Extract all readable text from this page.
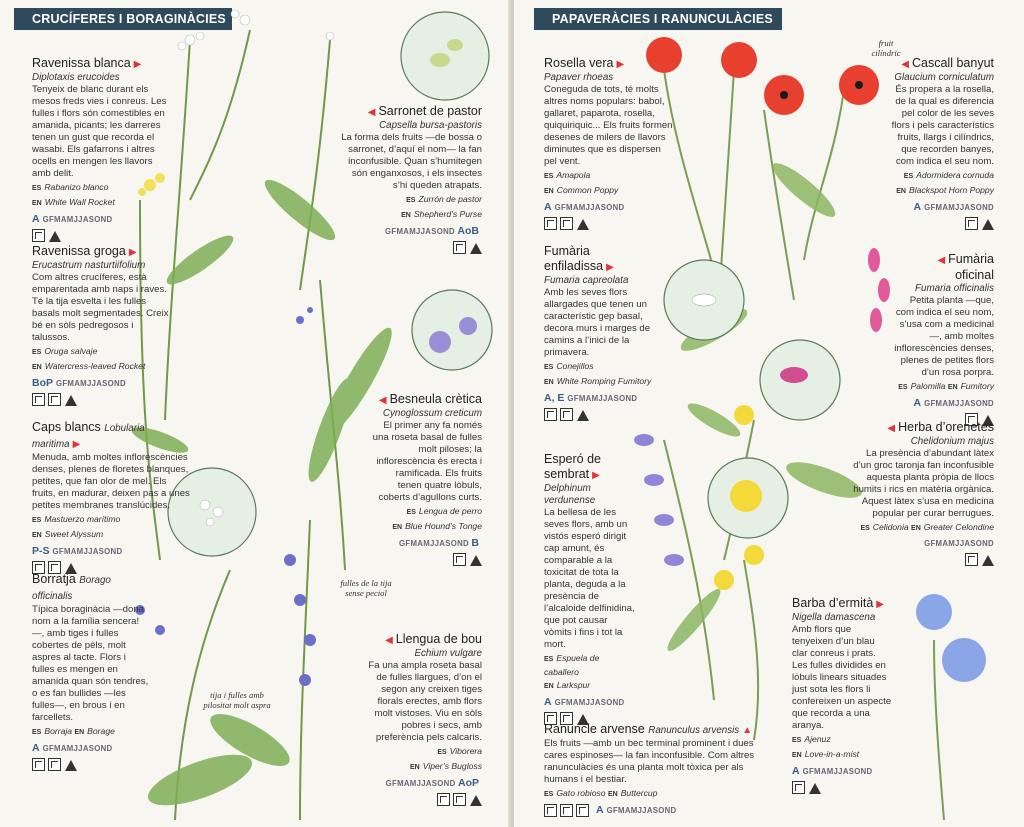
CRUCÍFERES I BORAGINÀCIES
fulles de la tija sense peciol
tija i fulles amb pilositat molt aspra
Ravenissa blanca ▶
Diplotaxis erucoides
Tenyeix de blanc durant els mesos freds vies i conreus. Les fulles i flors són comestibles en amanida, picants; les darreres tenen un gust que recorda el wasabi. Els gafarrons i altres ocells en mengen les llavors amb delit.
ES Rabanizo blanco
EN White Wall Rocket
A GFMAMJJASOND
◀ Sarronet de pastor
Capsella bursa-pastoris
La forma dels fruits —de bossa o sarronet, d’aquí el nom— la fan inconfusible. Quan s’humitegen són enganxosos, i els insectes s’hi queden atrapats.
ES Zurrón de pastor
EN Shepherd’s Purse
GFMAMJJASOND AoB
Ravenissa groga ▶
Erucastrum nasturtiifolium
Com altres crucíferes, està emparentada amb naps i raves. Té la tija esvelta i les fulles basals molt segmentades. Creix bé en sòls pedregosos i talussos.
ES Oruga salvaje
EN Watercress-leaved Rocket
BoP GFMAMJJASOND
◀ Besneula crètica
Cynoglossum creticum
El primer any fa només una roseta basal de fulles molt piloses; la inflorescència és erecta i ramificada. Els fruits tenen quatre lòbuls, coberts d’agullons curts.
ES Lengua de perro
EN Blue Hound’s Tonge
GFMAMJJASOND B
Caps blancs Lobularia maritima ▶
Menuda, amb moltes inflorescències denses, plenes de floretes blanques, petites, que fan olor de mel. Els fruits, en madurar, deixen pas a unes petites membranes translúcides.
ES Mastuerzo marítimo
EN Sweet Alyssum
P-S GFMAMJJASOND
Borratja Borago officinalis
Típica boraginàcia —dona nom a la família sencera!—, amb tiges i fulles cobertes de pèls, molt aspres al tacte. Flors i fulles es mengen en amanida quan són tendres, o es fan bullides —les fulles—, en brous i en farcellets.
ES Borraja EN Borage
A GFMAMJJASOND
◀ Llengua de bou
Echium vulgare
Fa una ampla roseta basal de fulles llargues, d’on el segon any creixen tiges florals erectes, amb flors molt vistoses. Viu en sòls pobres i secs, amb preferència pels calcaris.
ES Viborera
EN Viper’s Bugloss
GFMAMJJASOND AoP
PAPAVERÀCIES I RANUNCULÀCIES
fruit cilíndric
Rosella vera ▶
Papaver rhoeas
Coneguda de tots, té molts altres noms populars: babol, gallaret, paparota, rosella, quiquiriquic... Els fruits formen desenes de milers de llavors diminutes que es dispersen pel vent.
ES Amapola
EN Common Poppy
A GFMAMJJASOND
◀ Cascall banyut
Glaucium corniculatum
És propera a la rosella, de la qual es diferencia pel color de les seves flors i pels característics fruits, llargs i cilíndrics, que recorden banyes, com indica el seu nom.
ES Adormidera cornuda
EN Blackspot Horn Poppy
A GFMAMJJASOND
Fumària enfiladissa ▶
Fumaria capreolata
Amb les seves flors allargades que tenen un característic gep basal, decora murs i marges de camins a l’inici de la primavera.
ES Conejillos
EN White Romping Fumitory
A, E GFMAMJJASOND
◀ Fumària oficinal
Fumaria officinalis
Petita planta —que, com indica el seu nom, s’usa com a medicinal—, amb moltes inflorescències denses, plenes de petites flors d’un rosa porpra.
ES Palomilla EN Fumitory
A GFMAMJJASOND
◀ Herba d’orenetes
Chelidonium majus
La presència d’abundant làtex d’un groc taronja fan inconfusible aquesta planta pròpia de llocs humits i rics en matèria orgànica. Aquest làtex s’usa en medicina popular per curar berrugues.
ES Celidonia EN Greater Celondine
GFMAMJJASOND
Esperó de sembrat ▶
Delphinum verdunense
La bellesa de les seves flors, amb un vistós esperó dirigit cap amunt, és comparable a la toxicitat de tota la planta, deguda a la presència de l’alcaloide delfinidina, que pot causar vòmits i fins i tot la mort.
ES Espuela de caballero
EN Larkspur
A GFMAMJJASOND
Barba d’ermità ▶
Nigella damascena
Amb flors que tenyeixen d’un blau clar conreus i prats. Les fulles dividides en lòbuls linears situades just sota les flors li confereixen un aspecte que recorda a una aranya.
ES Ajenuz
EN Love-in-a-mist
A GFMAMJJASOND
Ranuncle arvense Ranunculus arvensis ▲
Els fruits —amb un bec terminal prominent i dues cares espinoses— la fan inconfusible. Com altres ranunculàcies és una planta molt tòxica per als humans i el bestiar.
ES Gato robioso EN Buttercup
A GFMAMJJASOND
